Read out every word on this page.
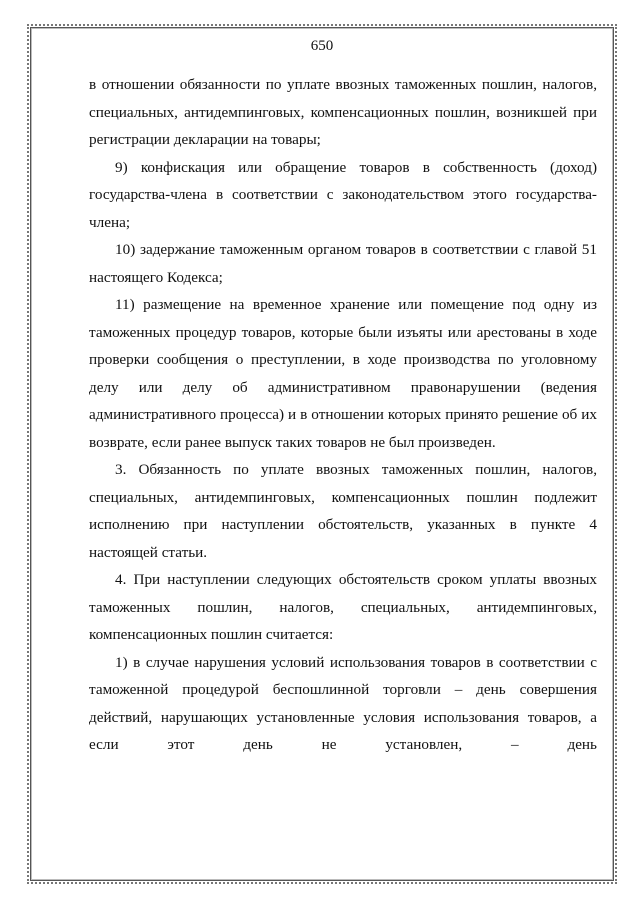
650

в отношении обязанности по уплате ввозных таможенных пошлин, налогов, специальных, антидемпинговых, компенсационных пошлин, возникшей при регистрации декларации на товары;

9) конфискация или обращение товаров в собственность (доход) государства-члена в соответствии с законодательством этого государства-члена;

10) задержание таможенным органом товаров в соответствии с главой 51 настоящего Кодекса;

11) размещение на временное хранение или помещение под одну из таможенных процедур товаров, которые были изъяты или арестованы в ходе проверки сообщения о преступлении, в ходе производства по уголовному делу или делу об административном правонарушении (ведения административного процесса) и в отношении которых принято решение об их возврате, если ранее выпуск таких товаров не был произведен.

3. Обязанность по уплате ввозных таможенных пошлин, налогов, специальных, антидемпинговых, компенсационных пошлин подлежит исполнению при наступлении обстоятельств, указанных в пункте 4 настоящей статьи.

4. При наступлении следующих обстоятельств сроком уплаты ввозных таможенных пошлин, налогов, специальных, антидемпинговых, компенсационных пошлин считается:

1) в случае нарушения условий использования товаров в соответствии с таможенной процедурой беспошлинной торговли – день совершения действий, нарушающих установленные условия использования товаров, а если этот день не установлен, – день
